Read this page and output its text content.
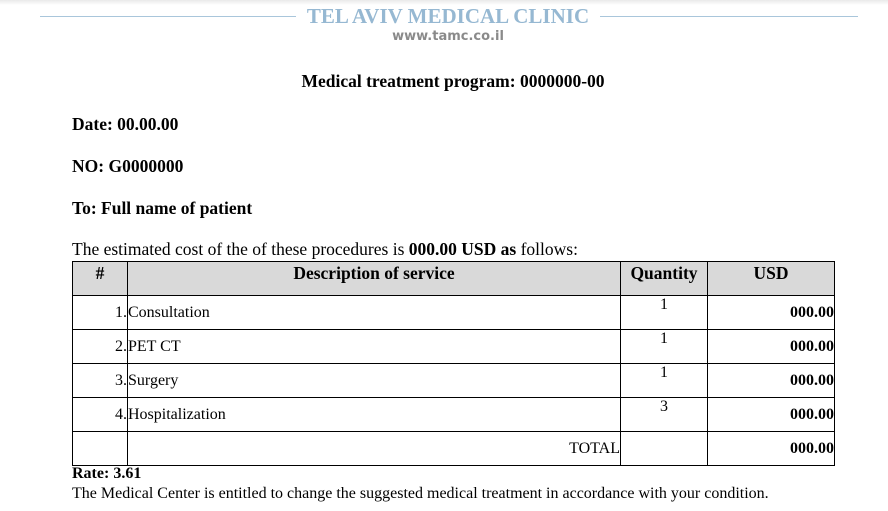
TEL AVIV MEDICAL CLINIC
www.tamc.co.il
Medical treatment program: 0000000-00
Date: 00.00.00
NO: G0000000
To: Full name of patient
The estimated cost of the of these procedures is 000.00 USD as follows:
#	Description of service	Quantity	USD
1.	Consultation	1	000.00
2.	PET CT	1	000.00
3.	Surgery	1	000.00
4.	Hospitalization	3	000.00
	TOTAL		000.00
Rate: 3.61
The Medical Center is entitled to change the suggested medical treatment in accordance with your condition.
